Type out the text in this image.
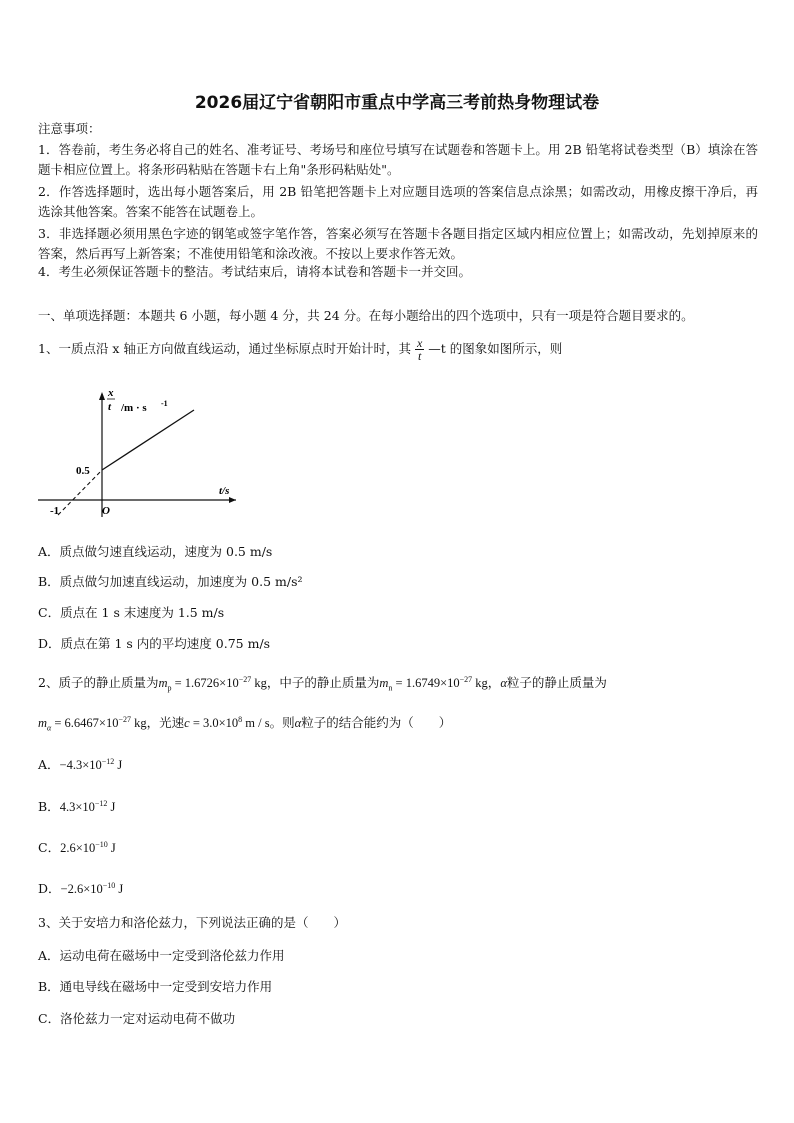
2026届辽宁省朝阳市重点中学高三考前热身物理试卷
注意事项：
1．答卷前，考生务必将自己的姓名、准考证号、考场号和座位号填写在试题卷和答题卡上。用 2B 铅笔将试卷类型（B）填涂在答题卡相应位置上。将条形码粘贴在答题卡右上角"条形码粘贴处"。
2．作答选择题时，选出每小题答案后，用 2B 铅笔把答题卡上对应题目选项的答案信息点涂黑；如需改动，用橡皮擦干净后，再选涂其他答案。答案不能答在试题卷上。
3．非选择题必须用黑色字迹的钢笔或签字笔作答，答案必须写在答题卡各题目指定区域内相应位置上；如需改动，先划掉原来的答案，然后再写上新答案；不准使用铅笔和涂改液。不按以上要求作答无效。
4．考生必须保证答题卡的整洁。考试结束后，请将本试卷和答题卡一并交回。
一、单项选择题：本题共 6 小题，每小题 4 分，共 24 分。在每小题给出的四个选项中，只有一项是符合题目要求的。
1、一质点沿 x 轴正方向做直线运动，通过坐标原点时开始计时，其 $\frac{x}{t}$ —t 的图象如图所示，则
x
t /m · s -1
0.5
t/s
-1	O
A．质点做匀速直线运动，速度为 0.5 m/s
B．质点做匀加速直线运动，加速度为 0.5 m/s²
C．质点在 1 s 末速度为 1.5 m/s
D．质点在第 1 s 内的平均速度 0.75 m/s
2、质子的静止质量为$m_p = 1.6726\times 10^{-27}$ kg，中子的静止质量为$m_n = 1.6749\times 10^{-27}$ kg，α粒子的静止质量为
$m_\alpha = 6.6467\times 10^{-27}$ kg，光速$c = 3.0\times 10^8$ m / s。则α粒子的结合能约为（　　）
A．$-4.3\times 10^{-12}$ J
B．$4.3\times 10^{-12}$ J
C．$2.6\times 10^{-10}$ J
D．$-2.6\times 10^{-10}$ J
3、关于安培力和洛伦兹力，下列说法正确的是（　　）
A．运动电荷在磁场中一定受到洛伦兹力作用
B．通电导线在磁场中一定受到安培力作用
C．洛伦兹力一定对运动电荷不做功
